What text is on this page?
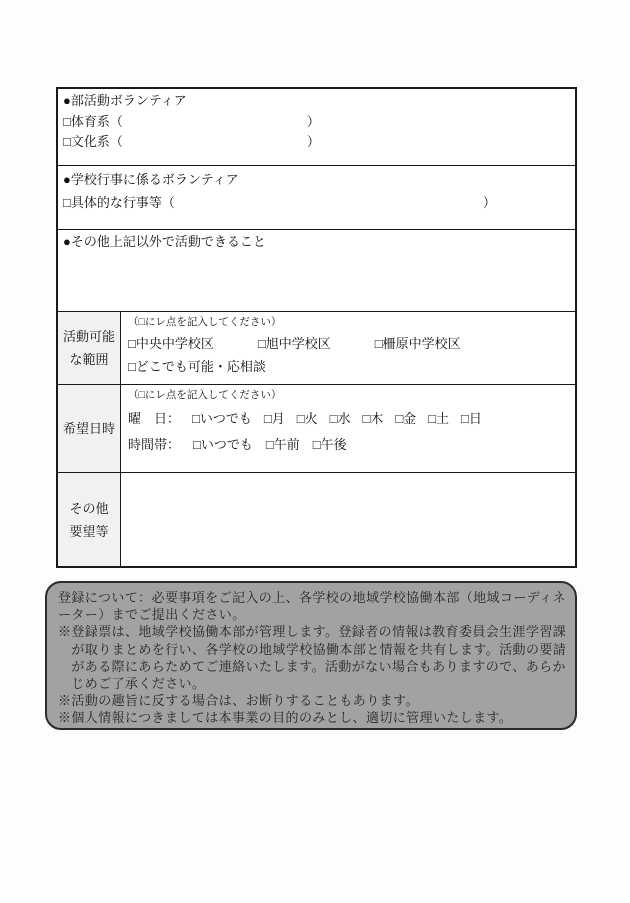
●部活動ボランティア
□体育系（	）
□文化系（	）
●学校行事に係るボランティア
□具体的な行事等（	）
●その他上記以外で活動できること
活動可能
な範囲
（□にレ点を記入してください）
□中央中学校区	□旭中学校区	□柵原中学校区
□どこでも可能・応相談
希望日時
（□にレ点を記入してください）
曜　日： □いつでも □月 □火 □水 □木 □金 □土 □日
時間帯： □いつでも □午前 □午後
その他
要望等
登録について：必要事項をご記入の上、各学校の地域学校協働本部（地域コーディネ
ーター）までご提出ください。
※登録票は、地域学校協働本部が管理します。登録者の情報は教育委員会生涯学習課
　が取りまとめを行い、各学校の地域学校協働本部と情報を共有します。活動の要請
　がある際にあらためてご連絡いたします。活動がない場合もありますので、あらか
　じめご了承ください。
※活動の趣旨に反する場合は、お断りすることもあります。
※個人情報につきましては本事業の目的のみとし、適切に管理いたします。
